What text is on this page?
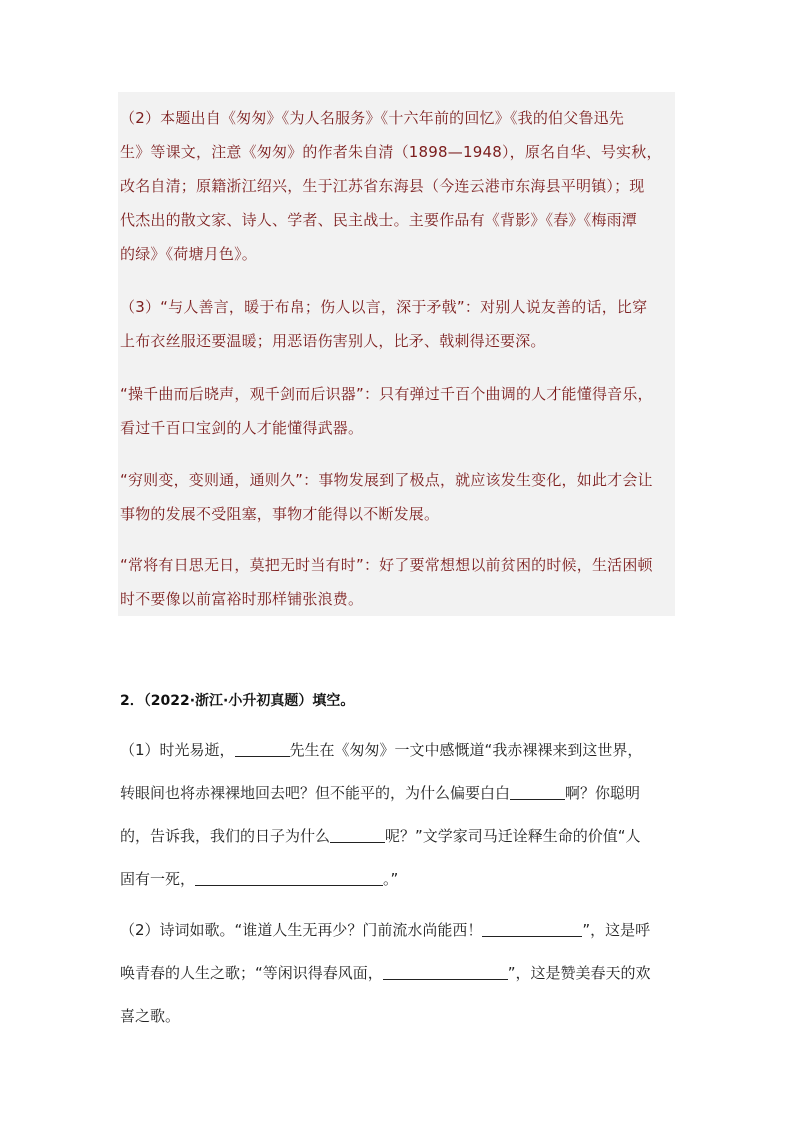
（2）本题出自《匆匆》《为人名服务》《十六年前的回忆》《我的伯父鲁迅先
生》等课文，注意《匆匆》的作者朱自清（1898—1948），原名自华、号实秋，
改名自清；原籍浙江绍兴，生于江苏省东海县（今连云港市东海县平明镇）；现
代杰出的散文家、诗人、学者、民主战士。主要作品有《背影》《春》《梅雨潭
的绿》《荷塘月色》。

（3）“与人善言，暖于布帛；伤人以言，深于矛戟”：对别人说友善的话，比穿
上布衣丝服还要温暖；用恶语伤害别人，比矛、戟刺得还要深。

“操千曲而后晓声，观千剑而后识器”：只有弹过千百个曲调的人才能懂得音乐，
看过千百口宝剑的人才能懂得武器。

“穷则变，变则通，通则久”：事物发展到了极点，就应该发生变化，如此才会让
事物的发展不受阻塞，事物才能得以不断发展。

“常将有日思无日，莫把无时当有时”：好了要常想想以前贫困的时候，生活困顿
时不要像以前富裕时那样铺张浪费。

2．（2022·浙江·小升初真题）填空。

（1）时光易逝，	先生在《匆匆》一文中感慨道“我赤裸裸来到这世界，
转眼间也将赤裸裸地回去吧？但不能平的，为什么偏要白白	啊？你聪明
的，告诉我，我们的日子为什么	呢？”文学家司马迁诠释生命的价值“人
固有一死，	。”

（2）诗词如歌。“谁道人生无再少？门前流水尚能西！	”，这是呼
唤青春的人生之歌；“等闲识得春风面，	”，这是赞美春天的欢
喜之歌。
